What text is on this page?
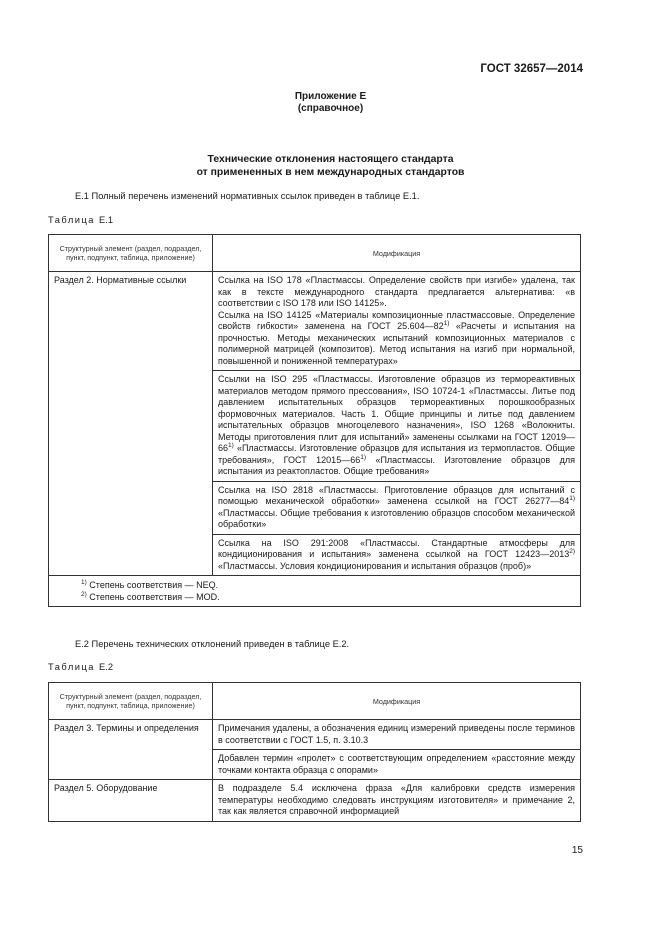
ГОСТ 32657—2014
Приложение Е
(справочное)
Технические отклонения настоящего стандарта
от примененных в нем международных стандартов
Е.1 Полный перечень изменений нормативных ссылок приведен в таблице Е.1.
Таблица Е.1
Структурный элемент (раздел, подраздел, пункт, подпункт, таблица, приложение)	Модификация
Раздел 2. Нормативные ссылки	Ссылка на ISO 178 «Пластмассы. Определение свойств при изгибе» удалена, так как в тексте международного стандарта предлагается альтернатива: «в соответствии с ISO 178 или ISO 14125».
Ссылка на ISO 14125 «Материалы композиционные пластмассовые. Определение свойств гибкости» заменена на ГОСТ 25.604—82$^{1)}$ «Расчеты и испытания на прочностью. Методы механических испытаний композиционных материалов с полимерной матрицей (композитов). Метод испытания на изгиб при нормальной, повышенной и пониженной температурах»
	Ссылки на ISO 295 «Пластмассы. Изготовление образцов из термореактивных материалов методом прямого прессования», ISO 10724-1 «Пластмассы. Литье под давлением испытательных образцов термореактивных порошкообразных формовочных материалов. Часть 1. Общие принципы и литье под давлением испытательных образцов многоцелевого назначения», ISO 1268 «Волокниты. Методы приготовления плит для испытаний» заменены ссылками на ГОСТ 12019—66$^{1)}$ «Пластмассы. Изготовление образцов для испытания из термопластов. Общие требования», ГОСТ 12015—66$^{1)}$ «Пластмассы. Изготовление образцов для испытания из реактопластов. Общие требования»
	Ссылка на ISO 2818 «Пластмассы. Приготовление образцов для испытаний с помощью механической обработки» заменена ссылкой на ГОСТ 26277—84$^{1)}$ «Пластмассы. Общие требования к изготовлению образцов способом механической обработки»
	Ссылка на ISO 291:2008 «Пластмассы. Стандартные атмосферы для кондиционирования и испытания» заменена ссылкой на ГОСТ 12423—2013$^{2)}$ «Пластмассы. Условия кондиционирования и испытания образцов (проб)»

$^{1)}$ Степень соответствия — NEQ.
$^{2)}$ Степень соответствия — MOD.	
Е.2 Перечень технических отклонений приведен в таблице Е.2.
Таблица Е.2
Структурный элемент (раздел, подраздел, пункт, подпункт, таблица, приложение)	Модификация
Раздел 3. Термины и определения	Примечания удалены, а обозначения единиц измерений приведены после терминов в соответствии с ГОСТ 1.5, п. 3.10.3
	Добавлен термин «пролет» с соответствующим определением «расстояние между точками контакта образца с опорами»
Раздел 5. Оборудование	В подразделе 5.4 исключена фраза «Для калибровки средств измерения температуры необходимо следовать инструкциям изготовителя» и примечание 2, так как является справочной информацией
15
